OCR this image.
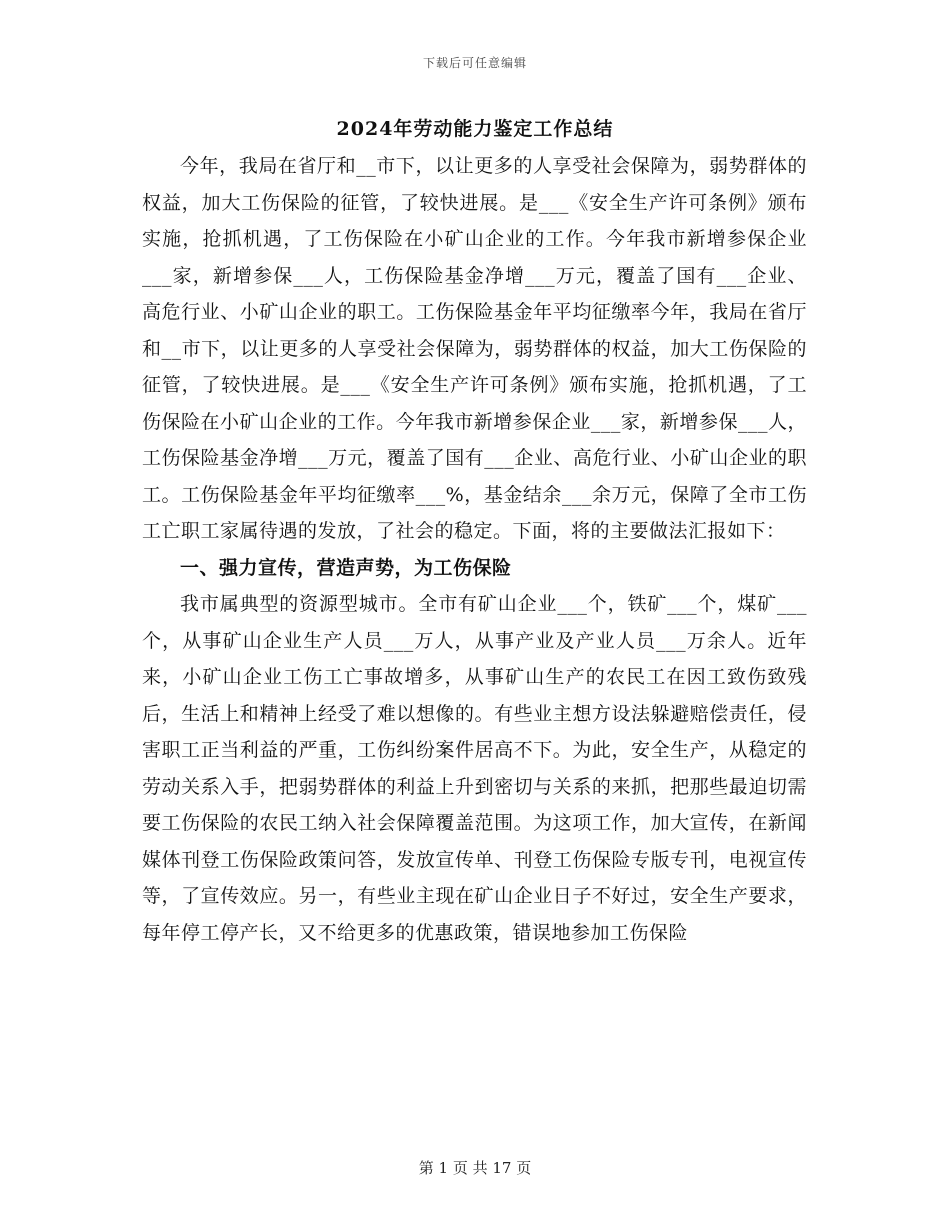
下载后可任意编辑
2024年劳动能力鉴定工作总结

今年，我局在省厅和__市下，以让更多的人享受社会保障为，弱势群体的权益，加大工伤保险的征管，了较快进展。是___《安全生产许可条例》颁布实施，抢抓机遇，了工伤保险在小矿山企业的工作。今年我市新增参保企业___家，新增参保___人，工伤保险基金净增___万元，覆盖了国有___企业、高危行业、小矿山企业的职工。工伤保险基金年平均征缴率今年，我局在省厅和__市下，以让更多的人享受社会保障为，弱势群体的权益，加大工伤保险的征管，了较快进展。是___《安全生产许可条例》颁布实施，抢抓机遇，了工伤保险在小矿山企业的工作。今年我市新增参保企业___家，新增参保___人，工伤保险基金净增___万元，覆盖了国有___企业、高危行业、小矿山企业的职工。工伤保险基金年平均征缴率___%，基金结余___余万元，保障了全市工伤工亡职工家属待遇的发放，了社会的稳定。下面，将的主要做法汇报如下：

一、强力宣传，营造声势，为工伤保险

我市属典型的资源型城市。全市有矿山企业___个，铁矿___个，煤矿___个，从事矿山企业生产人员___万人，从事产业及产业人员___万余人。近年来，小矿山企业工伤工亡事故增多，从事矿山生产的农民工在因工致伤致残后，生活上和精神上经受了难以想像的。有些业主想方设法躲避赔偿责任，侵害职工正当利益的严重，工伤纠纷案件居高不下。为此，安全生产，从稳定的劳动关系入手，把弱势群体的利益上升到密切与关系的来抓，把那些最迫切需要工伤保险的农民工纳入社会保障覆盖范围。为这项工作，加大宣传，在新闻媒体刊登工伤保险政策问答，发放宣传单、刊登工伤保险专版专刊，电视宣传等，了宣传效应。另一，有些业主现在矿山企业日子不好过，安全生产要求，每年停工停产长，又不给更多的优惠政策，错误地参加工伤保险

第 1 页 共 17 页
